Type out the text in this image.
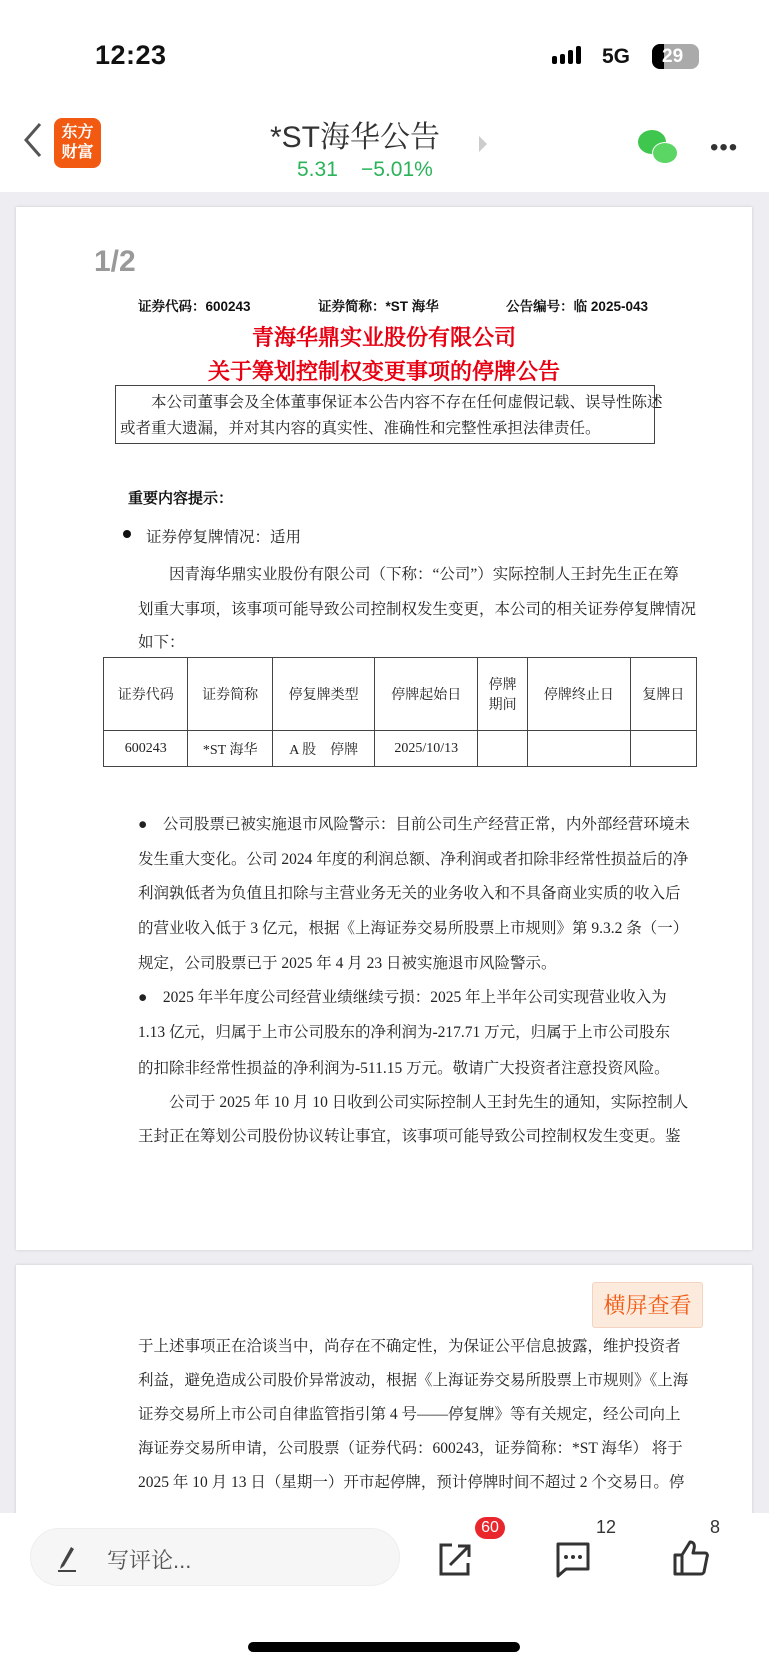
12:23	5G 29
东方
财富	*ST海华公告
5.31 −5.01%
•••
1/2
证券代码：600243	证券简称：*ST 海华	公告编号：临 2025-043
青海华鼎实业股份有限公司
关于筹划控制权变更事项的停牌公告
　　本公司董事会及全体董事保证本公告内容不存在任何虚假记载、误导性陈述
或者重大遗漏，并对其内容的真实性、准确性和完整性承担法律责任。
重要内容提示：
证券停复牌情况：适用
　　因青海华鼎实业股份有限公司（下称：“公司”）实际控制人王封先生正在筹
划重大事项，该事项可能导致公司控制权发生变更，本公司的相关证券停复牌情况
如下：
证券代码	证券简称	停复牌类型	停牌起始日	停牌期间	停牌终止日	复牌日
600243	*ST 海华	A 股　停牌	2025/10/13			
●　公司股票已被实施退市风险警示：目前公司生产经营正常，内外部经营环境未
发生重大变化。公司 2024 年度的利润总额、净利润或者扣除非经常性损益后的净
利润孰低者为负值且扣除与主营业务无关的业务收入和不具备商业实质的收入后
的营业收入低于 3 亿元，根据《上海证券交易所股票上市规则》第 9.3.2 条（一）
规定，公司股票已于 2025 年 4 月 23 日被实施退市风险警示。
●　2025 年半年度公司经营业绩继续亏损：2025 年上半年公司实现营业收入为
1.13 亿元，归属于上市公司股东的净利润为-217.71 万元，归属于上市公司股东
的扣除非经常性损益的净利润为-511.15 万元。敬请广大投资者注意投资风险。
　　公司于 2025 年 10 月 10 日收到公司实际控制人王封先生的通知，实际控制人
王封正在筹划公司股份协议转让事宜，该事项可能导致公司控制权发生变更。鉴
于上述事项正在洽谈当中，尚存在不确定性，为保证公平信息披露，维护投资者
利益，避免造成公司股价异常波动，根据《上海证券交易所股票上市规则》《上海
证券交易所上市公司自律监管指引第 4 号——停复牌》等有关规定，经公司向上
海证券交易所申请，公司股票（证券代码：600243，证券简称：*ST 海华） 将于
2025 年 10 月 13 日（星期一）开市起停牌，预计停牌时间不超过 2 个交易日。停
横屏查看
写评论...
60	12	8
